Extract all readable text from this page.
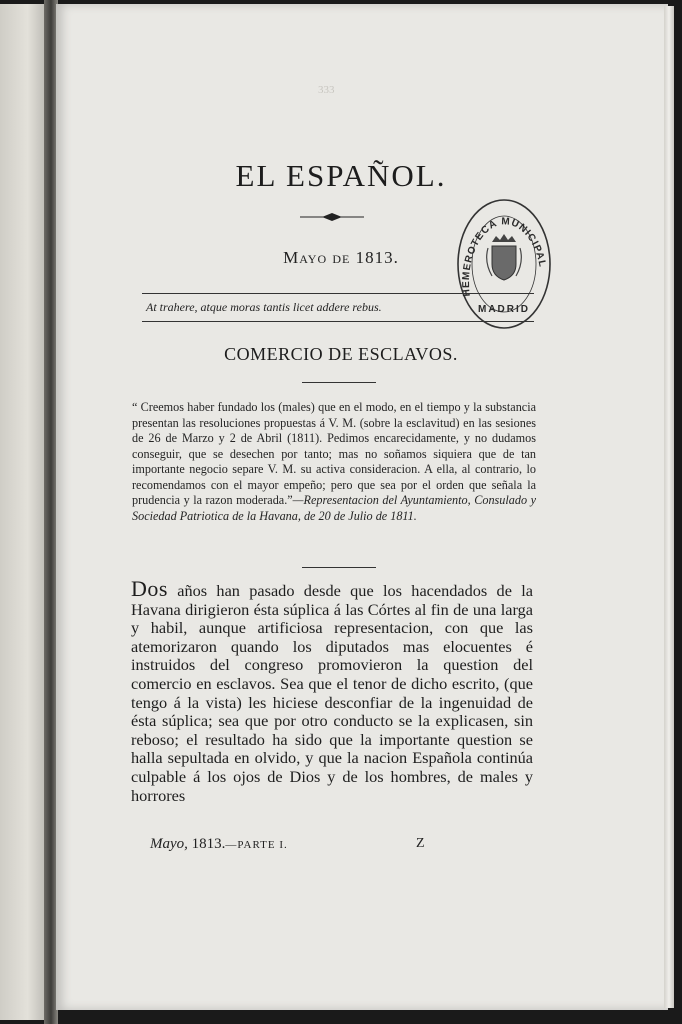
333
EL ESPAÑOL.
Mayo de 1813.
At trahere, atque moras tantis licet addere rebus.
HEMEROTECA MUNICIPAL
MADRID
COMERCIO DE ESCLAVOS.
“ Creemos haber fundado los (males) que en el modo, en el tiempo y la substancia presentan las resoluciones propuestas á V. M. (sobre la esclavitud) en las sesiones de 26 de Marzo y 2 de Abril (1811). Pedimos encarecidamente, y no dudamos conseguir, que se desechen por tanto; mas no soñamos siquiera que de tan importante negocio separe V. M. su activa consideracion. A ella, al contrario, lo recomendamos con el mayor empeño; pero que sea por el orden que señala la prudencia y la razon moderada.”—Representacion del Ayuntamiento, Consulado y Sociedad Patriotica de la Havana, de 20 de Julio de 1811.
Dos años han pasado desde que los hacendados de la Havana dirigieron ésta súplica á las Córtes al fin de una larga y habil, aunque artificiosa representacion, con que las atemorizaron quando los diputados mas elocuentes é instruidos del congreso promovieron la question del comercio en esclavos. Sea que el tenor de dicho escrito, (que tengo á la vista) les hiciese desconfiar de la ingenuidad de ésta súplica; sea que por otro conducto se la explicasen, sin reboso; el resultado ha sido que la importante question se halla sepultada en olvido, y que la nacion Española continúa culpable á los ojos de Dios y de los hombres, de males y horrores
Mayo, 1813.—PARTE I.	Z
